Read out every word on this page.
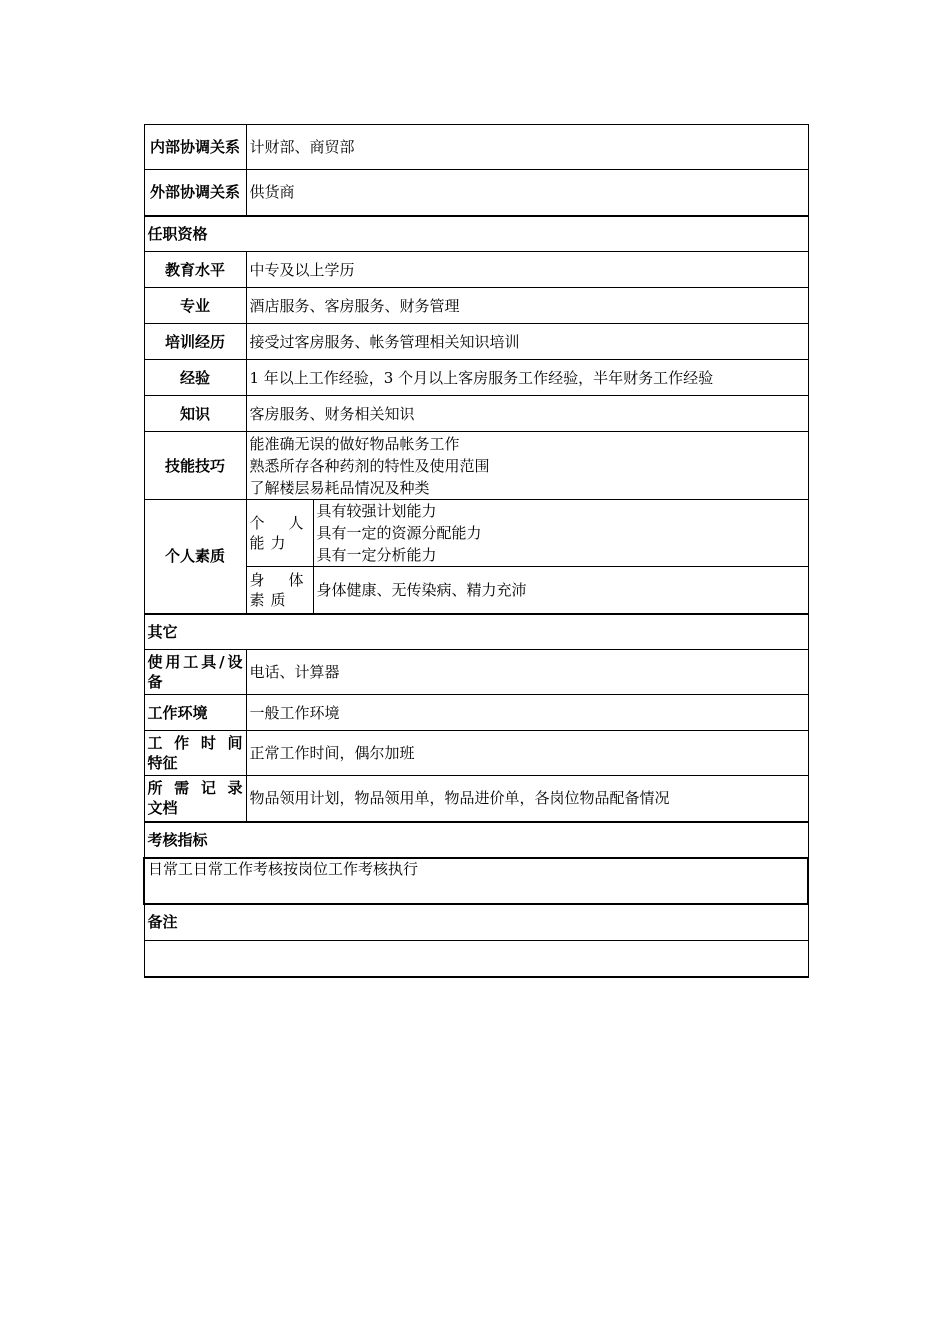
内部协调关系	计财部、商贸部	
外部协调关系	供货商	
任职资格		
教育水平	中专及以上学历	
专业	酒店服务、客房服务、财务管理	
培训经历	接受过客房服务、帐务管理相关知识培训	
经验	1 年以上工作经验，3 个月以上客房服务工作经验，半年财务工作经验	
知识	客房服务、财务相关知识	
技能技巧	能准确无误的做好物品帐务工作
熟悉所存各种药剂的特性及使用范围
了解楼层易耗品情况及种类	

个人素质	个 人 能力	具有较强计划能力
具有一定的资源分配能力
具有一定分析能力

	身 体 素质	身体健康、无传染病、精力充沛
其它		
使用工具/设备	电话、计算器	
工作环境	一般工作环境	
工 作 时 间 特征	正常工作时间，偶尔加班	
所 需 记 录 文档	物品领用计划，物品领用单，物品进价单，各岗位物品配备情况	
考核指标		
日常工日常工作考核按岗位工作考核执行		
备注		
